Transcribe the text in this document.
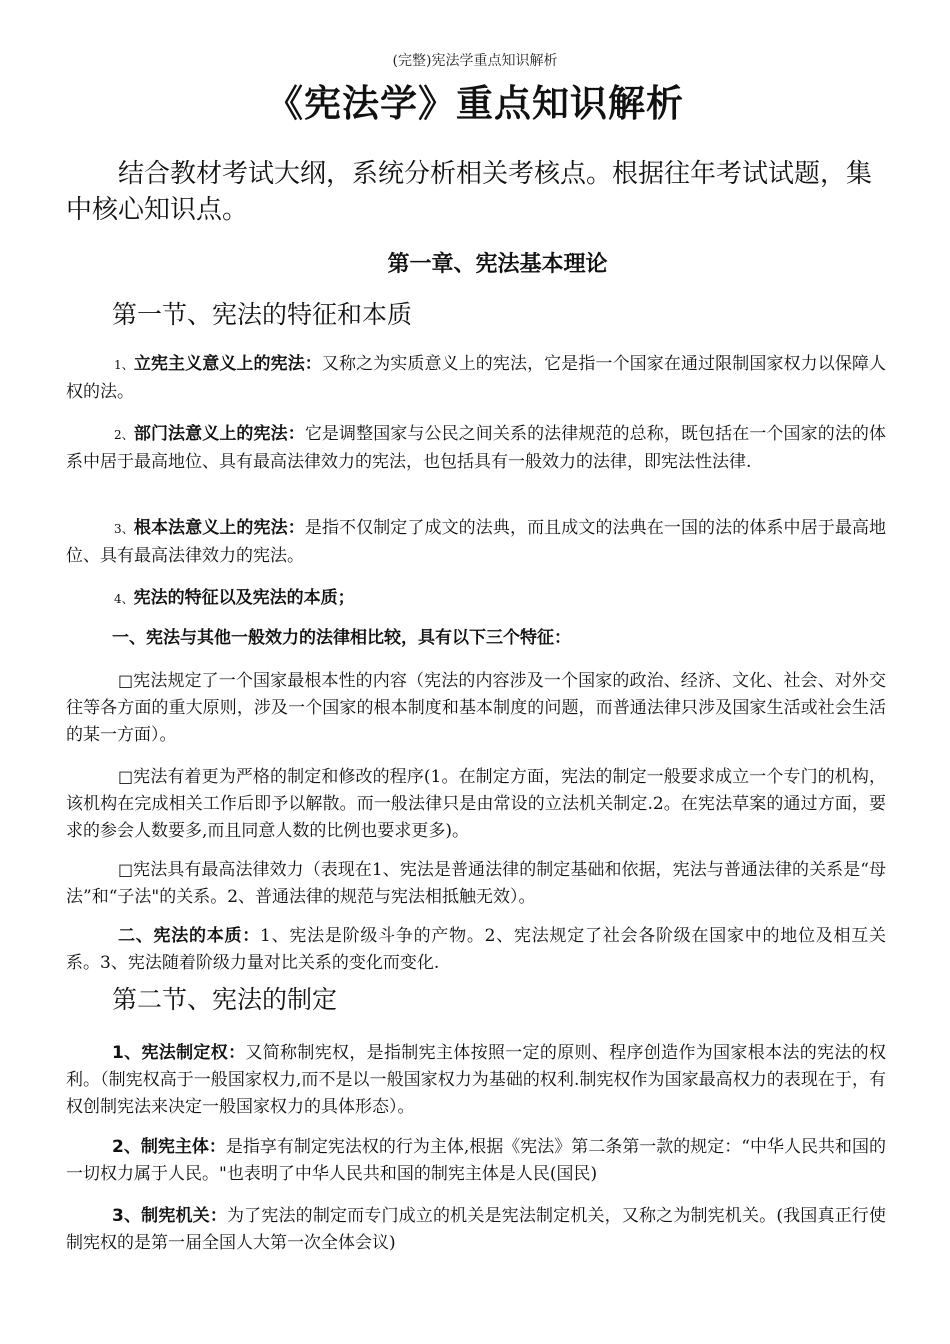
(完整)宪法学重点知识解析
《宪法学》重点知识解析
结合教材考试大纲，系统分析相关考核点。根据往年考试试题，集中核心知识点。
第一章、宪法基本理论
第一节、宪法的特征和本质
1、立宪主义意义上的宪法：又称之为实质意义上的宪法，它是指一个国家在通过限制国家权力以保障人权的法。
2、部门法意义上的宪法：它是调整国家与公民之间关系的法律规范的总称，既包括在一个国家的法的体系中居于最高地位、具有最高法律效力的宪法，也包括具有一般效力的法律，即宪法性法律.
3、根本法意义上的宪法：是指不仅制定了成文的法典，而且成文的法典在一国的法的体系中居于最高地位、具有最高法律效力的宪法。
4、宪法的特征以及宪法的本质；
一、宪法与其他一般效力的法律相比较，具有以下三个特征：
□宪法规定了一个国家最根本性的内容（宪法的内容涉及一个国家的政治、经济、文化、社会、对外交往等各方面的重大原则，涉及一个国家的根本制度和基本制度的问题，而普通法律只涉及国家生活或社会生活的某一方面）。
□宪法有着更为严格的制定和修改的程序(1。在制定方面，宪法的制定一般要求成立一个专门的机构，该机构在完成相关工作后即予以解散。而一般法律只是由常设的立法机关制定.2。在宪法草案的通过方面，要求的参会人数要多,而且同意人数的比例也要求更多)。
□宪法具有最高法律效力（表现在1、宪法是普通法律的制定基础和依据，宪法与普通法律的关系是“母法”和“子法"的关系。2、普通法律的规范与宪法相抵触无效）。
二、宪法的本质：1、宪法是阶级斗争的产物。2、宪法规定了社会各阶级在国家中的地位及相互关系。3、宪法随着阶级力量对比关系的变化而变化.
第二节、宪法的制定
1、宪法制定权：又简称制宪权，是指制宪主体按照一定的原则、程序创造作为国家根本法的宪法的权利。（制宪权高于一般国家权力,而不是以一般国家权力为基础的权利.制宪权作为国家最高权力的表现在于，有权创制宪法来决定一般国家权力的具体形态）。
2、制宪主体：是指享有制定宪法权的行为主体,根据《宪法》第二条第一款的规定：“中华人民共和国的一切权力属于人民。"也表明了中华人民共和国的制宪主体是人民(国民)
3、制宪机关：为了宪法的制定而专门成立的机关是宪法制定机关，又称之为制宪机关。(我国真正行使制宪权的是第一届全国人大第一次全体会议)
